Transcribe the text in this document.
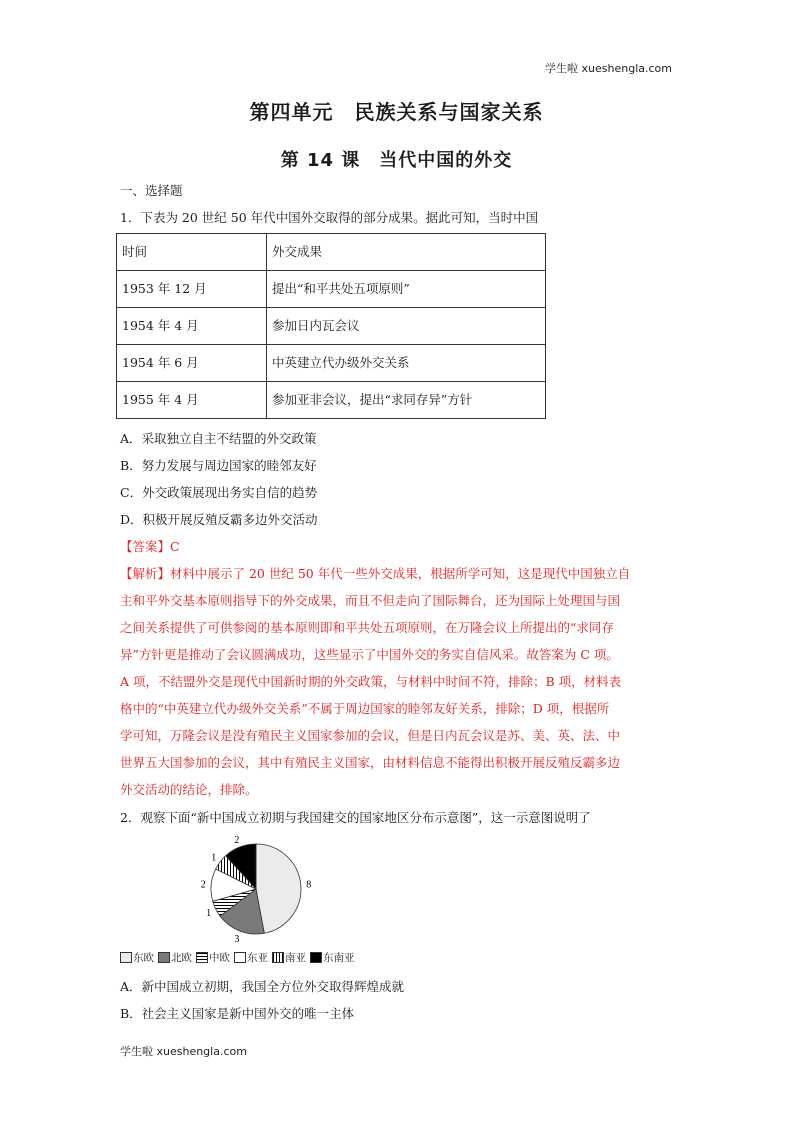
学生啦 xueshengla.com
第四单元　民族关系与国家关系
第 14 课　当代中国的外交
一、选择题
1．下表为 20 世纪 50 年代中国外交取得的部分成果。据此可知，当时中国
时间	外交成果
1953 年 12 月	提出“和平共处五项原则”
1954 年 4 月	参加日内瓦会议
1954 年 6 月	中英建立代办级外交关系
1955 年 4 月	参加亚非会议，提出“求同存异”方针
A．采取独立自主不结盟的外交政策
B．努力发展与周边国家的睦邻友好
C．外交政策展现出务实自信的趋势
D．积极开展反殖反霸多边外交活动
【答案】C
【解析】材料中展示了 20 世纪 50 年代一些外交成果，根据所学可知，这是现代中国独立自
主和平外交基本原则指导下的外交成果，而且不但走向了国际舞台，还为国际上处理国与国
之间关系提供了可供参阅的基本原则即和平共处五项原则，在万隆会议上所提出的“求同存
异”方针更是推动了会议圆满成功，这些显示了中国外交的务实自信风采。故答案为 C 项。
A 项，不结盟外交是现代中国新时期的外交政策，与材料中时间不符，排除；B 项，材料表
格中的“中英建立代办级外交关系”不属于周边国家的睦邻友好关系，排除；D 项，根据所
学可知，万隆会议是没有殖民主义国家参加的会议，但是日内瓦会议是苏、美、英、法、中
世界五大国参加的会议，其中有殖民主义国家，由材料信息不能得出积极开展反殖反霸多边
外交活动的结论，排除。
2．观察下面“新中国成立初期与我国建交的国家地区分布示意图”，这一示意图说明了
8
3
1
2
1
2
东欧 北欧 中欧 东亚 南亚 东南亚
A．新中国成立初期，我国全方位外交取得辉煌成就
B．社会主义国家是新中国外交的唯一主体
学生啦 xueshengla.com
